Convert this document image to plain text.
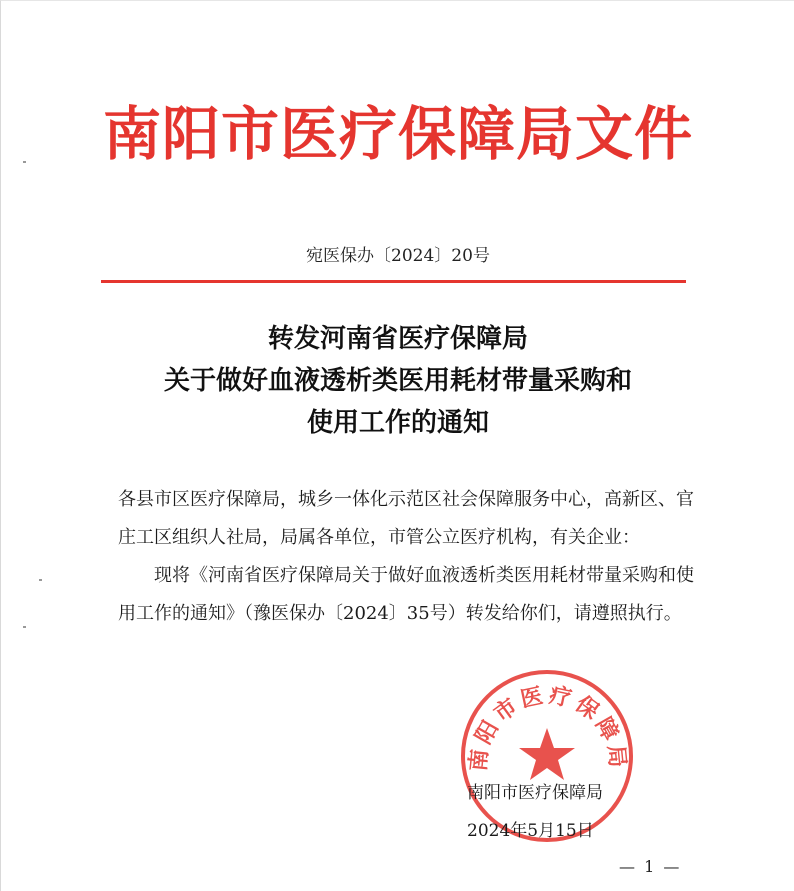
南阳市医疗保障局文件
宛医保办〔2024〕20号
转发河南省医疗保障局
关于做好血液透析类医用耗材带量采购和
使用工作的通知

各县市区医疗保障局，城乡一体化示范区社会保障服务中心，高新区、官庄工区组织人社局，局属各单位，市管公立医疗机构，有关企业：

现将《河南省医疗保障局关于做好血液透析类医用耗材带量采购和使用工作的通知》（豫医保办〔2024〕35号）转发给你们，请遵照执行。

南阳市医疗保障局
南阳市医疗保障局
2024年5月15日
— 1 —
